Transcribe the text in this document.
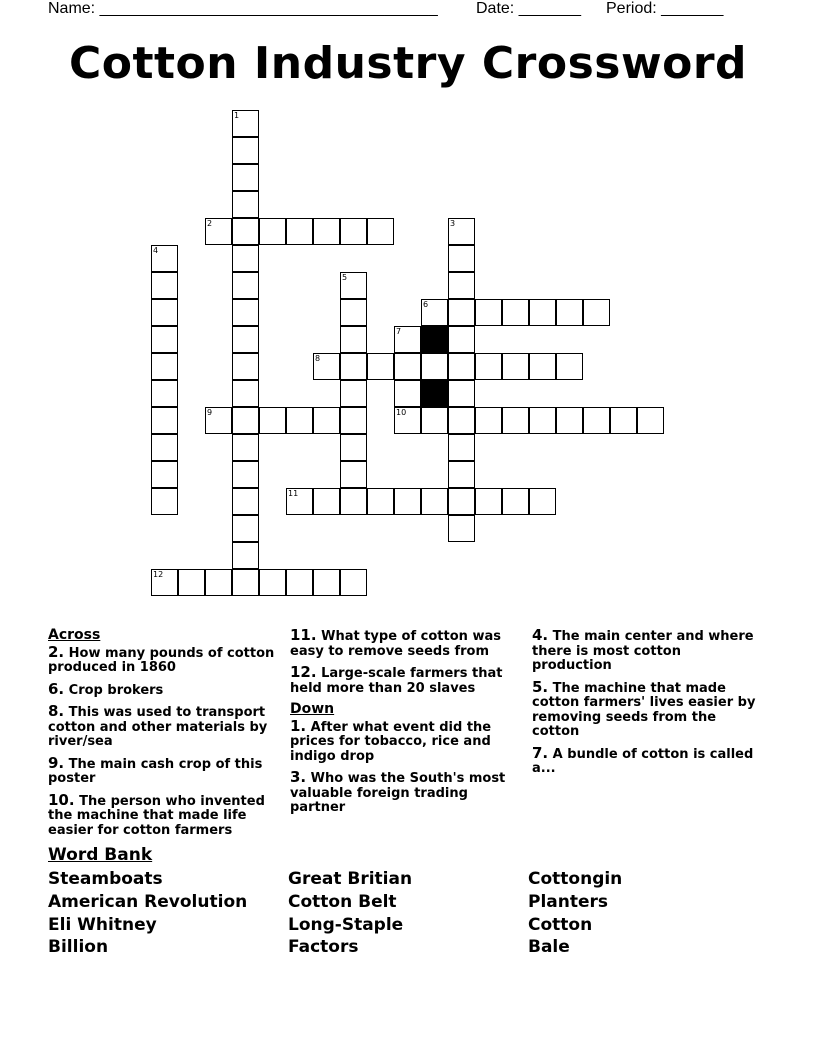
Name: ______________________________________ Date: _______ Period: _______
Cotton Industry Crossword
1
2	3
4
5
6
7
10
8
9
11
12
Across
2. How many pounds of cotton produced in 1860
6. Crop brokers
8. This was used to transport cotton and other materials by river/sea
9. The main cash crop of this poster
10. The person who invented the machine that made life easier for cotton farmers
11. What type of cotton was easy to remove seeds from
12. Large-scale farmers that held more than 20 slaves
Down
1. After what event did the prices for tobacco, rice and indigo drop
3. Who was the South's most valuable foreign trading partner
4. The main center and where there is most cotton production
5. The machine that made cotton farmers' lives easier by removing seeds from the cotton
7. A bundle of cotton is called a...
Word Bank
Steamboats
American Revolution
Eli Whitney
Billion
Great Britian
Cotton Belt
Long-Staple
Factors
Cottongin
Planters
Cotton
Bale
